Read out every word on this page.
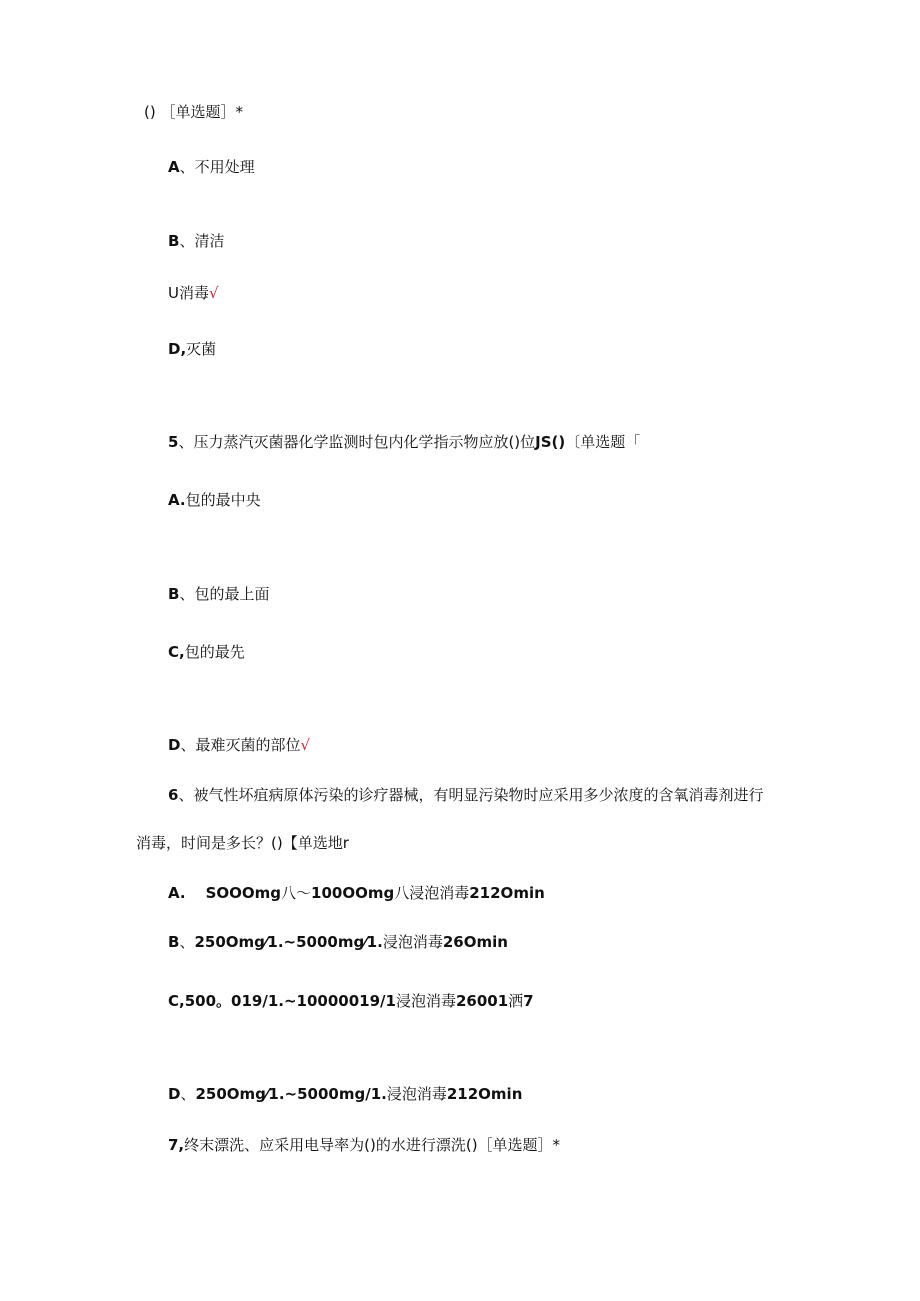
() ［单选题］*
A、不用处理
B、清洁
U消毒√
D,灭菌
5、压力蒸汽灭菌器化学监测时包内化学指示物应放()位JS()〔单选题「
A.包的最中央
B、包的最上面
C,包的最先
D、最难灭菌的部位√
6、被气性坏疽病原体污染的诊疗器械，有明显污染物时应采用多少浓度的含氧消毒剂进行
消毒，时间是多长？()【单选地r
A. SOOOmg八〜100OOmg八浸泡消毒212Omin
B、250Omg⁄1.~5000mg⁄1.浸泡消毒26Omin
C,500。019/1.~10000019/1浸泡消毒26001洒7
D、250Omg⁄1.~5000mg/1.浸泡消毒212Omin
7,终末漂洗、应采用电导率为()的水进行漂洗()［单选题］*
